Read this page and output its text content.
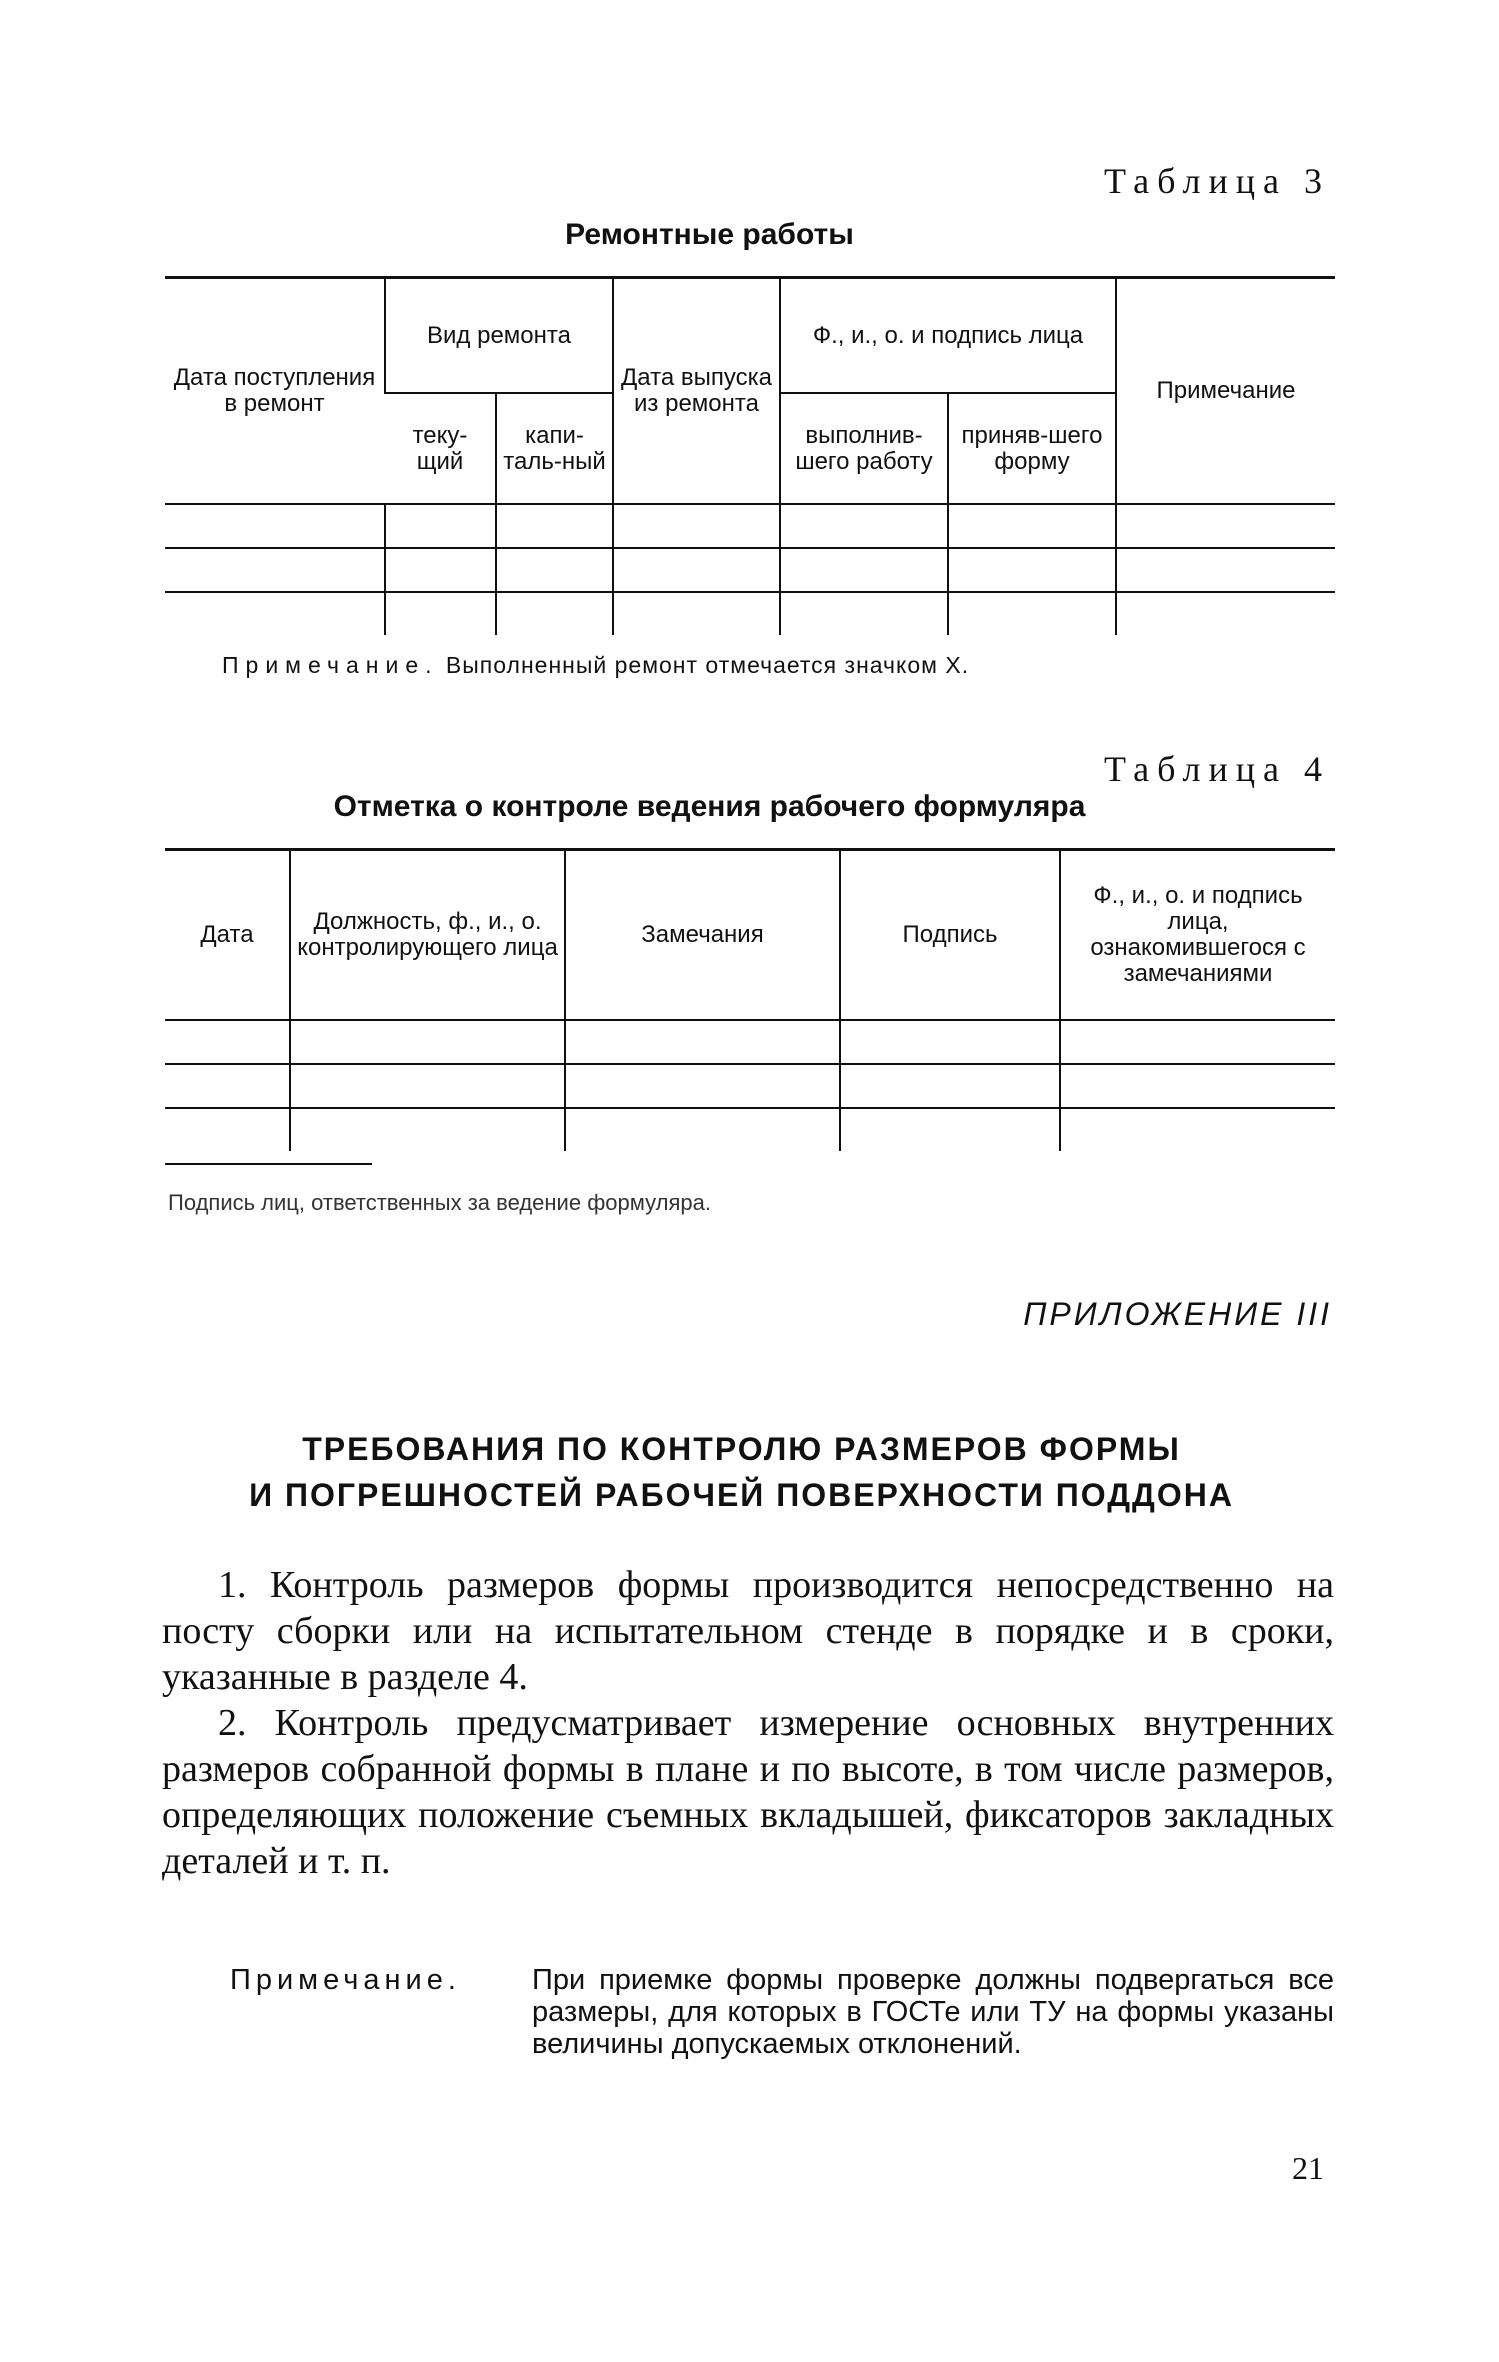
Таблица 3
Ремонтные работы
Дата поступления в ремонт	Вид ремонта		Дата выпуска из ремонта	Ф., и., о. и подпись лица		Примечание
	теку-щий	капи-таль-ный		выполнив-шего работу	приняв-шего форму	

Примечание. Выполненный ремонт отмечается значком X.
Таблица 4
Отметка о контроле ведения рабочего формуляра
Дата	Должность, ф., и., о. контролирующего лица	Замечания	Подпись	Ф., и., о. и подпись лица, ознакомившегося с замечаниями

Подпись лиц, ответственных за ведение формуляра.
ПРИЛОЖЕНИЕ III
ТРЕБОВАНИЯ ПО КОНТРОЛЮ РАЗМЕРОВ ФОРМЫ
И ПОГРЕШНОСТЕЙ РАБОЧЕЙ ПОВЕРХНОСТИ ПОДДОНА

1. Контроль размеров формы производится непосредственно на посту сборки или на испытательном стенде в порядке и в сроки, указанные в разделе 4.

2. Контроль предусматривает измерение основных внутренних размеров собранной формы в плане и по высоте, в том числе размеров, определяющих положение съемных вкладышей, фиксаторов закладных деталей и т. п.

Примечание. При приемке формы проверке должны подвергаться все размеры, для которых в ГОСТе или ТУ на формы указаны величины допускаемых отклонений.
21
